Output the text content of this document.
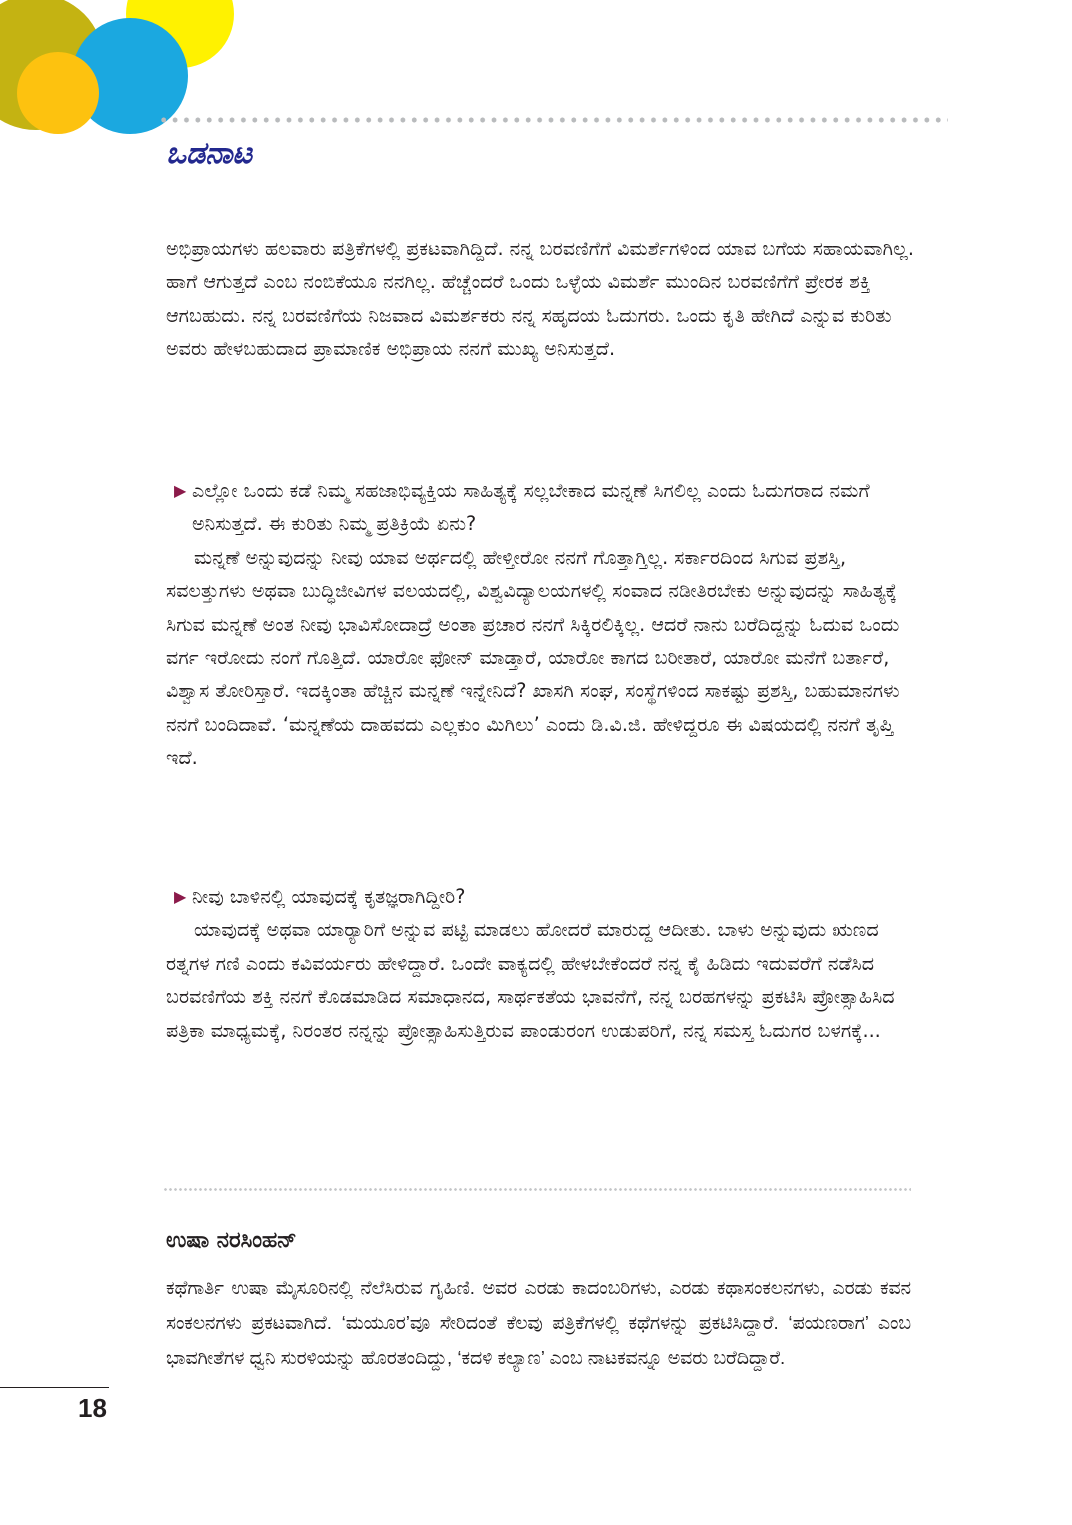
ಒಡನಾಟ

ಅಭಿಪ್ರಾಯಗಳು ಹಲವಾರು ಪತ್ರಿಕೆಗಳಲ್ಲಿ ಪ್ರಕಟವಾಗಿದ್ದಿದೆ. ನನ್ನ ಬರವಣಿಗೆಗೆ ವಿಮರ್ಶೆಗಳಿಂದ ಯಾವ ಬಗೆಯ ಸಹಾಯವಾಗಿಲ್ಲ. ಹಾಗೆ ಆಗುತ್ತದೆ ಎಂಬ ನಂಬಿಕೆಯೂ ನನಗಿಲ್ಲ. ಹೆಚ್ಚೆಂದರೆ ಒಂದು ಒಳ್ಳೆಯ ವಿಮರ್ಶೆ ಮುಂದಿನ ಬರವಣಿಗೆಗೆ ಪ್ರೇರಕ ಶಕ್ತಿ ಆಗಬಹುದು. ನನ್ನ ಬರವಣಿಗೆಯ ನಿಜವಾದ ವಿಮರ್ಶಕರು ನನ್ನ ಸಹೃದಯ ಓದುಗರು. ಒಂದು ಕೃತಿ ಹೇಗಿದೆ ಎನ್ನುವ ಕುರಿತು ಅವರು ಹೇಳಬಹುದಾದ ಪ್ರಾಮಾಣಿಕ ಅಭಿಪ್ರಾಯ ನನಗೆ ಮುಖ್ಯ ಅನಿಸುತ್ತದೆ.

▶ ಎಲ್ಲೋ ಒಂದು ಕಡೆ ನಿಮ್ಮ ಸಹಜಾಭಿವ್ಯಕ್ತಿಯ ಸಾಹಿತ್ಯಕ್ಕೆ ಸಲ್ಲಬೇಕಾದ ಮನ್ನಣೆ ಸಿಗಲಿಲ್ಲ ಎಂದು ಓದುಗರಾದ ನಮಗೆ ಅನಿಸುತ್ತದೆ. ಈ ಕುರಿತು ನಿಮ್ಮ ಪ್ರತಿಕ್ರಿಯೆ ಏನು?

ಮನ್ನಣೆ ಅನ್ನುವುದನ್ನು ನೀವು ಯಾವ ಅರ್ಥದಲ್ಲಿ ಹೇಳ್ತೀರೋ ನನಗೆ ಗೊತ್ತಾಗ್ತಿಲ್ಲ. ಸರ್ಕಾರದಿಂದ ಸಿಗುವ ಪ್ರಶಸ್ತಿ, ಸವಲತ್ತುಗಳು ಅಥವಾ ಬುದ್ಧಿಜೀವಿಗಳ ವಲಯದಲ್ಲಿ, ವಿಶ್ವವಿದ್ಯಾಲಯಗಳಲ್ಲಿ ಸಂವಾದ ನಡೀತಿರಬೇಕು ಅನ್ನುವುದನ್ನು ಸಾಹಿತ್ಯಕ್ಕೆ ಸಿಗುವ ಮನ್ನಣೆ ಅಂತ ನೀವು ಭಾವಿಸೋದಾದ್ರೆ ಅಂತಾ ಪ್ರಚಾರ ನನಗೆ ಸಿಕ್ಕಿರಲಿಕ್ಕಿಲ್ಲ. ಆದರೆ ನಾನು ಬರೆದಿದ್ದನ್ನು ಓದುವ ಒಂದು ವರ್ಗ ಇರೋದು ನಂಗೆ ಗೊತ್ತಿದೆ. ಯಾರೋ ಫೋನ್ ಮಾಡ್ತಾರೆ, ಯಾರೋ ಕಾಗದ ಬರೀತಾರೆ, ಯಾರೋ ಮನೆಗೆ ಬರ್ತಾರೆ, ವಿಶ್ವಾಸ ತೋರಿಸ್ತಾರೆ. ಇದಕ್ಕಿಂತಾ ಹೆಚ್ಚಿನ ಮನ್ನಣೆ ಇನ್ನೇನಿದೆ? ಖಾಸಗಿ ಸಂಘ, ಸಂಸ್ಥೆಗಳಿಂದ ಸಾಕಷ್ಟು ಪ್ರಶಸ್ತಿ, ಬಹುಮಾನಗಳು ನನಗೆ ಬಂದಿದಾವೆ. ‘ಮನ್ನಣೆಯ ದಾಹವದು ಎಲ್ಲಕುಂ ಮಿಗಿಲು’ ಎಂದು ಡಿ.ವಿ.ಜಿ. ಹೇಳಿದ್ದರೂ ಈ ವಿಷಯದಲ್ಲಿ ನನಗೆ ತೃಪ್ತಿ ಇದೆ.

▶ ನೀವು ಬಾಳಿನಲ್ಲಿ ಯಾವುದಕ್ಕೆ ಕೃತಜ್ಞರಾಗಿದ್ದೀರಿ?

ಯಾವುದಕ್ಕೆ ಅಥವಾ ಯಾರ್‍ಯಾರಿಗೆ ಅನ್ನುವ ಪಟ್ಟಿ ಮಾಡಲು ಹೋದರೆ ಮಾರುದ್ದ ಆದೀತು. ಬಾಳು ಅನ್ನುವುದು ಋಣದ ರತ್ನಗಳ ಗಣಿ ಎಂದು ಕವಿವರ್ಯರು ಹೇಳಿದ್ದಾರೆ. ಒಂದೇ ವಾಕ್ಯದಲ್ಲಿ ಹೇಳಬೇಕೆಂದರೆ ನನ್ನ ಕೈ ಹಿಡಿದು ಇದುವರೆಗೆ ನಡೆಸಿದ ಬರವಣಿಗೆಯ ಶಕ್ತಿ ನನಗೆ ಕೊಡಮಾಡಿದ ಸಮಾಧಾನದ, ಸಾರ್ಥಕತೆಯ ಭಾವನೆಗೆ, ನನ್ನ ಬರಹಗಳನ್ನು ಪ್ರಕಟಿಸಿ ಪ್ರೋತ್ಸಾಹಿಸಿದ ಪತ್ರಿಕಾ ಮಾಧ್ಯಮಕ್ಕೆ, ನಿರಂತರ ನನ್ನನ್ನು ಪ್ರೋತ್ಸಾಹಿಸುತ್ತಿರುವ ಪಾಂಡುರಂಗ ಉಡುಪರಿಗೆ, ನನ್ನ ಸಮಸ್ತ ಓದುಗರ ಬಳಗಕ್ಕೆ...

ಉಷಾ ನರಸಿಂಹನ್
ಕಥೆಗಾರ್ತಿ ಉಷಾ ಮೈಸೂರಿನಲ್ಲಿ ನೆಲೆಸಿರುವ ಗೃಹಿಣಿ. ಅವರ ಎರಡು ಕಾದಂಬರಿಗಳು, ಎರಡು ಕಥಾಸಂಕಲನಗಳು, ಎರಡು ಕವನ ಸಂಕಲನಗಳು ಪ್ರಕಟವಾಗಿದೆ. ‘ಮಯೂರ’ವೂ ಸೇರಿದಂತೆ ಕೆಲವು ಪತ್ರಿಕೆಗಳಲ್ಲಿ ಕಥೆಗಳನ್ನು ಪ್ರಕಟಿಸಿದ್ದಾರೆ. ‘ಪಯಣರಾಗ’ ಎಂಬ ಭಾವಗೀತೆಗಳ ಧ್ವನಿ ಸುರಳಿಯನ್ನು ಹೊರತಂದಿದ್ದು, ‘ಕದಳಿ ಕಲ್ಯಾಣ’ ಎಂಬ ನಾಟಕವನ್ನೂ ಅವರು ಬರೆದಿದ್ದಾರೆ.
18
